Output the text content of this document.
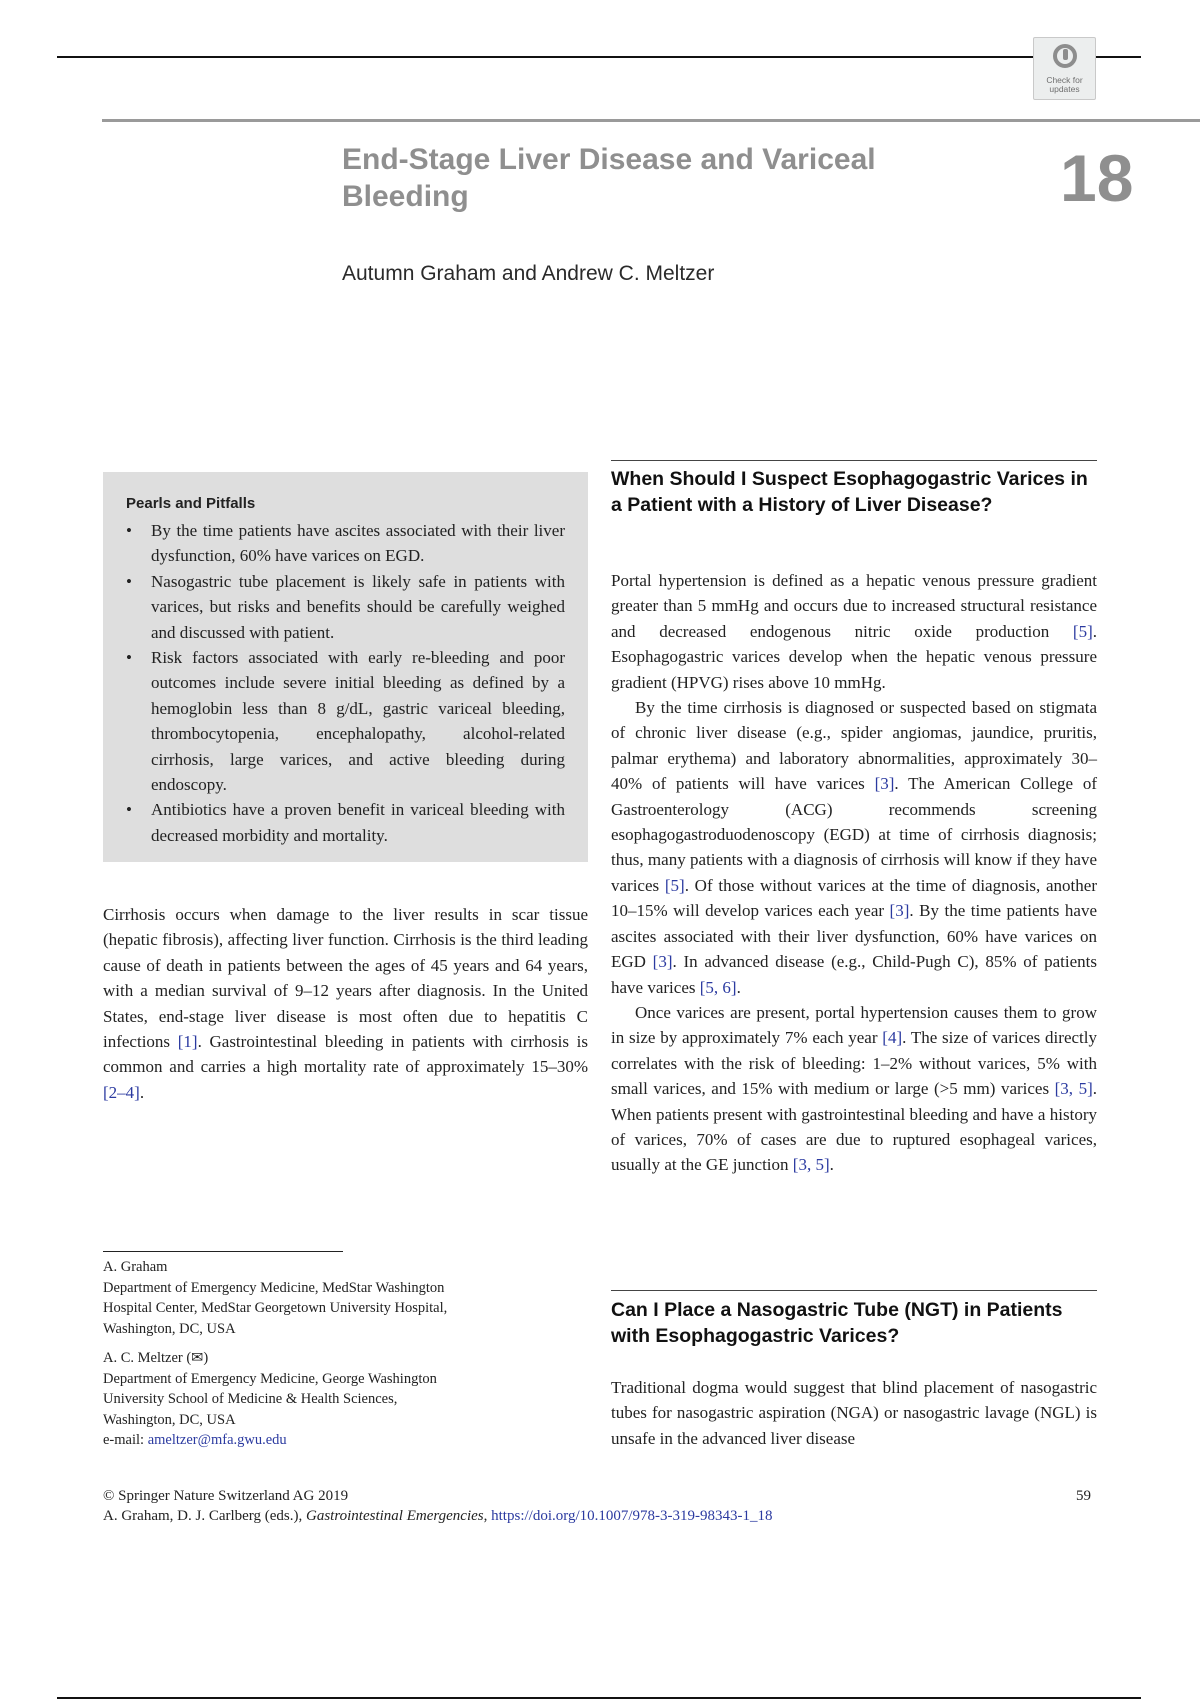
Check for updates
End-Stage Liver Disease and Variceal Bleeding	18
Autumn Graham and Andrew C. Meltzer
Pearls and Pitfalls
• By the time patients have ascites associated with their liver dysfunction, 60% have varices on EGD.
• Nasogastric tube placement is likely safe in patients with varices, but risks and benefits should be carefully weighed and discussed with patient.
• Risk factors associated with early re-bleeding and poor outcomes include severe initial bleeding as defined by a hemoglobin less than 8 g/dL, gastric variceal bleeding, thrombocytopenia, encephalopathy, alcohol-related cirrhosis, large varices, and active bleeding during endoscopy.
• Antibiotics have a proven benefit in variceal bleeding with decreased morbidity and mortality.

Cirrhosis occurs when damage to the liver results in scar tissue (hepatic fibrosis), affecting liver function. Cirrhosis is the third leading cause of death in patients between the ages of 45 years and 64 years, with a median survival of 9–12 years after diagnosis. In the United States, end-stage liver disease is most often due to hepatitis C infections [1]. Gastrointestinal bleeding in patients with cirrhosis is common and carries a high mortality rate of approximately 15–30% [2–4].

A. Graham
Department of Emergency Medicine, MedStar Washington
Hospital Center, MedStar Georgetown University Hospital,
Washington, DC, USA
A. C. Meltzer (✉)
Department of Emergency Medicine, George Washington
University School of Medicine & Health Sciences,
Washington, DC, USA
e-mail: ameltzer@mfa.gwu.edu
When Should I Suspect Esophagogastric Varices in a Patient with a History of Liver Disease?

Portal hypertension is defined as a hepatic venous pressure gradient greater than 5 mmHg and occurs due to increased structural resistance and decreased endogenous nitric oxide production [5]. Esophagogastric varices develop when the hepatic venous pressure gradient (HPVG) rises above 10 mmHg.

By the time cirrhosis is diagnosed or suspected based on stigmata of chronic liver disease (e.g., spider angiomas, jaundice, pruritis, palmar erythema) and laboratory abnormalities, approximately 30–40% of patients will have varices [3]. The American College of Gastroenterology (ACG) recommends screening esophagogastroduodenoscopy (EGD) at time of cirrhosis diagnosis; thus, many patients with a diagnosis of cirrhosis will know if they have varices [5]. Of those without varices at the time of diagnosis, another 10–15% will develop varices each year [3]. By the time patients have ascites associated with their liver dysfunction, 60% have varices on EGD [3]. In advanced disease (e.g., Child-Pugh C), 85% of patients have varices [5, 6].

Once varices are present, portal hypertension causes them to grow in size by approximately 7% each year [4]. The size of varices directly correlates with the risk of bleeding: 1–2% without varices, 5% with small varices, and 15% with medium or large (>5 mm) varices [3, 5]. When patients present with gastrointestinal bleeding and have a history of varices, 70% of cases are due to ruptured esophageal varices, usually at the GE junction [3, 5].

Can I Place a Nasogastric Tube (NGT) in Patients with Esophagogastric Varices?

Traditional dogma would suggest that blind placement of nasogastric tubes for nasogastric aspiration (NGA) or nasogastric lavage (NGL) is unsafe in the advanced liver disease

© Springer Nature Switzerland AG 2019
A. Graham, D. J. Carlberg (eds.), Gastrointestinal Emergencies, https://doi.org/10.1007/978-3-319-98343-1_18
59
